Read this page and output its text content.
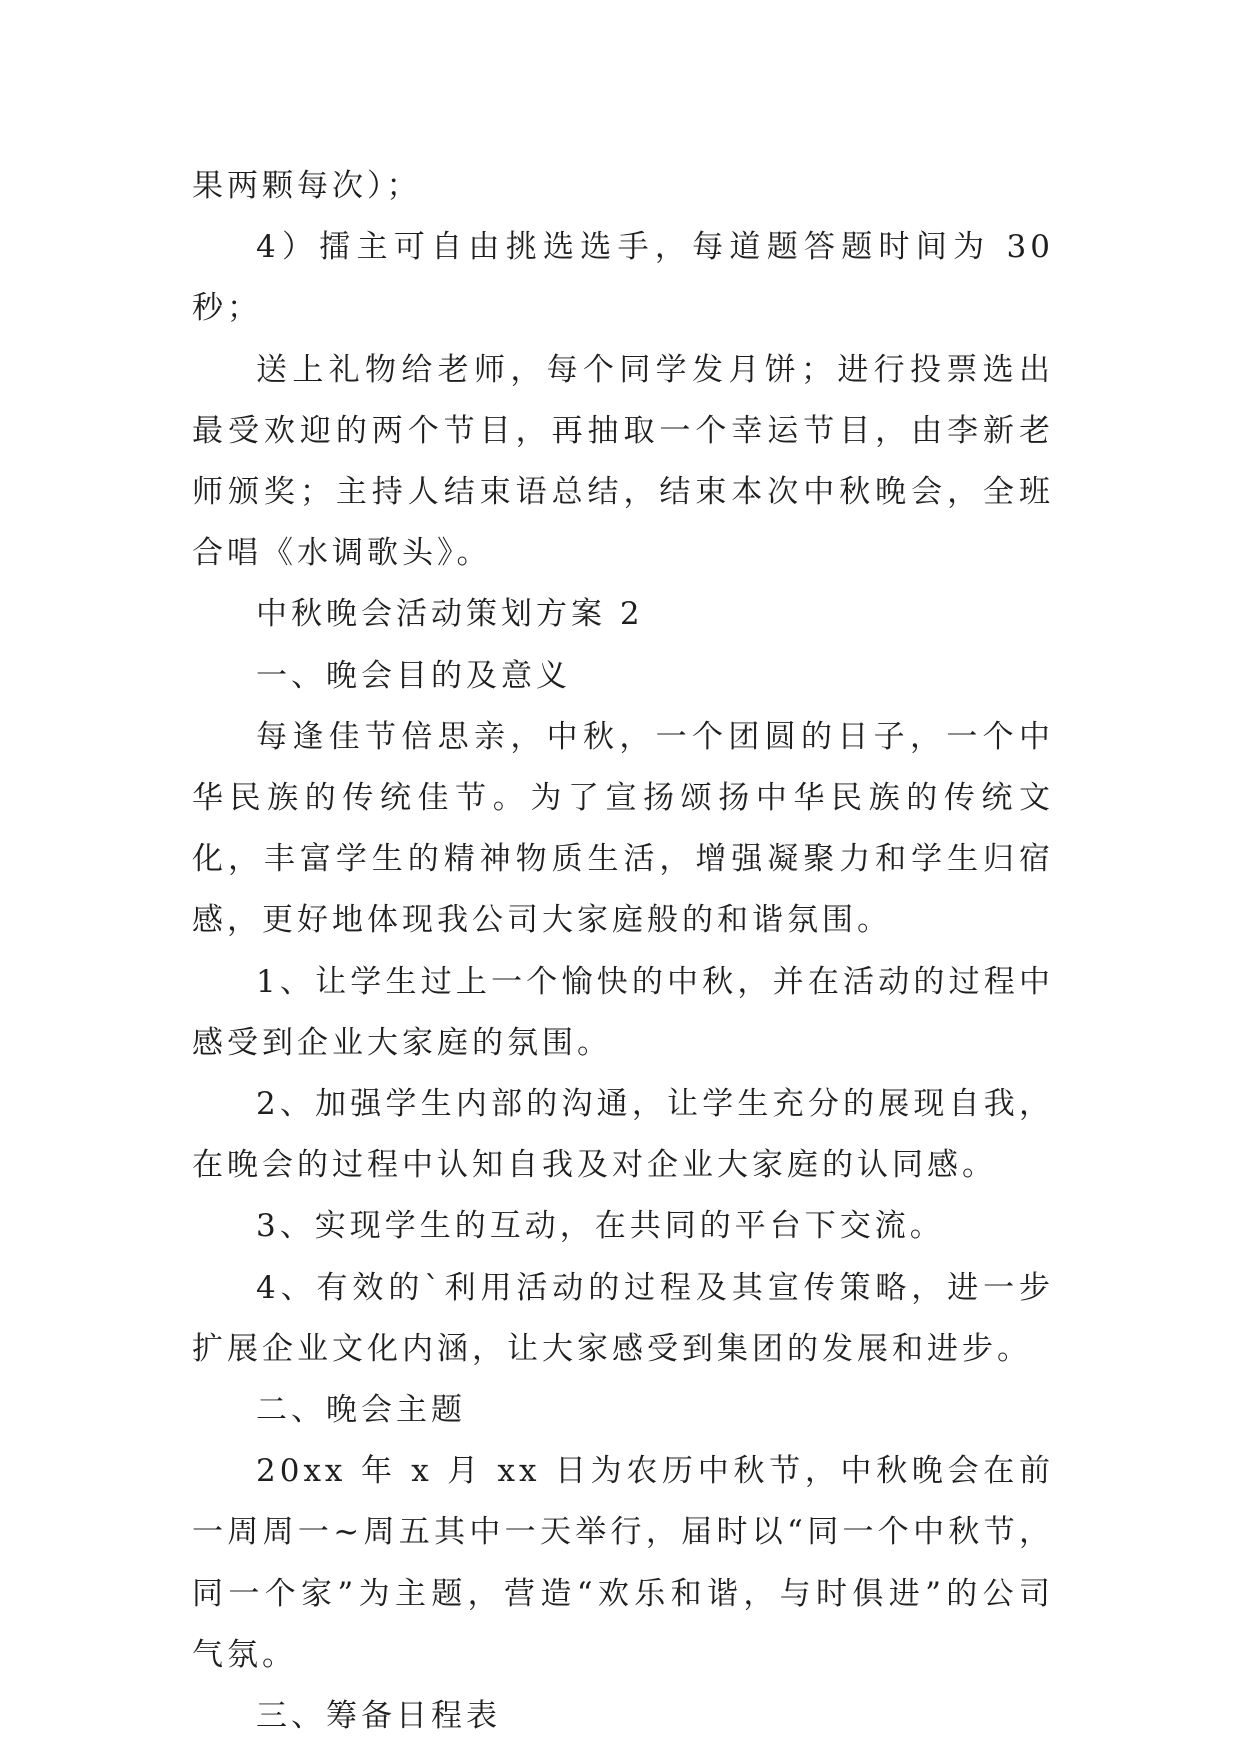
果两颗每次）；

4）擂主可自由挑选选手，每道题答题时间为 30 秒；

送上礼物给老师，每个同学发月饼；进行投票选出最受欢迎的两个节目，再抽取一个幸运节目，由李新老师颁奖；主持人结束语总结，结束本次中秋晚会，全班合唱《水调歌头》。

中秋晚会活动策划方案 2

一、晚会目的及意义

每逢佳节倍思亲，中秋，一个团圆的日子，一个中华民族的传统佳节。为了宣扬颂扬中华民族的传统文化，丰富学生的精神物质生活，增强凝聚力和学生归宿感，更好地体现我公司大家庭般的和谐氛围。

1、让学生过上一个愉快的中秋，并在活动的过程中感受到企业大家庭的氛围。

2、加强学生内部的沟通，让学生充分的展现自我，在晚会的过程中认知自我及对企业大家庭的认同感。

3、实现学生的互动，在共同的平台下交流。

4、有效的`利用活动的过程及其宣传策略，进一步扩展企业文化内涵，让大家感受到集团的发展和进步。

二、晚会主题

20xx 年 x 月 xx 日为农历中秋节，中秋晚会在前一周周一~周五其中一天举行，届时以“同一个中秋节，同一个家”为主题，营造“欢乐和谐，与时俱进”的公司气氛。

三、筹备日程表
